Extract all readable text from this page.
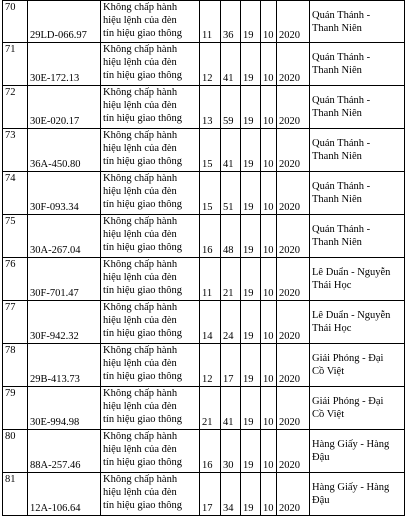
70	29LD-066.97	Không chấp hành
hiệu lệnh của đèn
tín hiệu giao thông	11	36	19	10	2020	Quán Thánh -
Thanh Niên

71	30E-172.13	Không chấp hành
hiệu lệnh của đèn
tín hiệu giao thông	12	41	19	10	2020	Quán Thánh -
Thanh Niên

72	30E-020.17	Không chấp hành
hiệu lệnh của đèn
tín hiệu giao thông	13	59	19	10	2020	Quán Thánh -
Thanh Niên

73	36A-450.80	Không chấp hành
hiệu lệnh của đèn
tín hiệu giao thông	15	41	19	10	2020	Quán Thánh -
Thanh Niên

74	30F-093.34	Không chấp hành
hiệu lệnh của đèn
tín hiệu giao thông	15	51	19	10	2020	Quán Thánh -
Thanh Niên

75	30A-267.04	Không chấp hành
hiệu lệnh của đèn
tín hiệu giao thông	16	48	19	10	2020	Quán Thánh -
Thanh Niên

76	30F-701.47	Không chấp hành
hiệu lệnh của đèn
tín hiệu giao thông	11	21	19	10	2020	Lê Duẩn - Nguyễn
Thái Học

77	30F-942.32	Không chấp hành
hiệu lệnh của đèn
tín hiệu giao thông	14	24	19	10	2020	Lê Duẩn - Nguyễn
Thái Học

78	29B-413.73	Không chấp hành
hiệu lệnh của đèn
tín hiệu giao thông	12	17	19	10	2020	Giải Phóng - Đại
Cồ Việt

79	30E-994.98	Không chấp hành
hiệu lệnh của đèn
tín hiệu giao thông	21	41	19	10	2020	Giải Phóng - Đại
Cồ Việt

80	88A-257.46	Không chấp hành
hiệu lệnh của đèn
tín hiệu giao thông	16	30	19	10	2020	Hàng Giấy - Hàng
Đậu

81	12A-106.64	Không chấp hành
hiệu lệnh của đèn
tín hiệu giao thông	17	34	19	10	2020	Hàng Giấy - Hàng
Đậu
